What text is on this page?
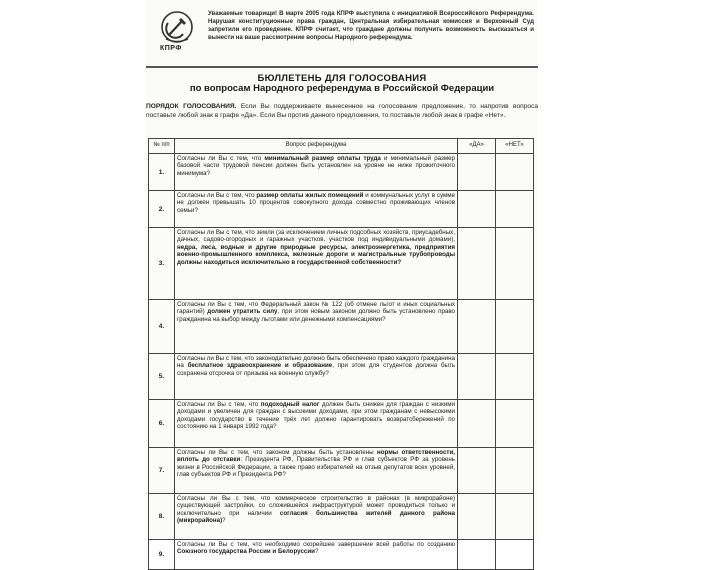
КПРФ
Уважаемые товарищи! В марте 2005 года КПРФ выступила с инициативой Всероссийского Референдума. Нарушая конституционные права граждан, Центральная избирательная комиссия и Верховный Суд запретили его проведение. КПРФ считает, что граждане должны получить возможность высказаться и вынести на ваше рассмотрение вопросы Народного референдума.
БЮЛЛЕТЕНЬ ДЛЯ ГОЛОСОВАНИЯ
по вопросам Народного референдума в Российской Федерации
ПОРЯДОК ГОЛОСОВАНИЯ. Если Вы поддерживаете вынесенное на голосование предложение, то напротив вопроса поставьте любой знак в графе «Да». Если Вы против данного предложения, то поставьте любой знак в графе «Нет».
№ п/п	Вопрос референдума	«ДА»	«НЕТ»
1.	Согласны ли Вы с тем, что минимальный размер оплаты труда и минимальный размер базовой части трудовой пенсии должен быть установлен на уровне не ниже прожиточного минимума?		
2.	Согласны ли Вы с тем, что размер оплаты жилых помещений и коммунальных услуг в сумме не должен превышать 10 процентов совокупного дохода совместно проживающих членов семьи?		
3.	Согласны ли Вы с тем, что земли (за исключением личных подсобных хозяйств, приусадебных, дачных, садово-огородных и гаражных участков, участков под индивидуальными домами), недра, леса, водные и другие природные ресурсы, электроэнергетика, предприятия военно-промышленного комплекса, железные дороги и магистральные трубопроводы должны находиться исключительно в государственной собственности?		
4.	Согласны ли Вы с тем, что Федеральный закон № 122 (об отмене льгот и иных социальных гарантий) должен утратить силу, при этом новым законом должно быть установлено право гражданина на выбор между льготами или денежными компенсациями?		
5.	Согласны ли Вы с тем, что законодательно должно быть обеспечено право каждого гражданина на бесплатное здравоохранение и образование, при этом для студентов должна быть сохранена отсрочка от призыва на военную службу?		
6.	Согласны ли Вы с тем, что подоходный налог должен быть снижен для граждан с низкими доходами и увеличен для граждан с высокими доходами, при этом гражданам с невысокими доходами государство в течение трёх лет должно гарантировать возвратсбережений по состоянию на 1 января 1992 года?		
7.	Согласны ли Вы с тем, что законом должны быть установлены нормы ответственности, вплоть до отставки: Президента РФ, Правительства РФ и глав субъектов РФ за уровень жизни в Российской Федерации, а также право избирателей на отзыв депутатов всех уровней, глав субъектов РФ и Президента РФ?		
8.	Согласны ли Вы с тем, что коммерческое строительство в районах (в микрорайоне) существующей застройки, со сложившейся инфраструктурой может проводиться только и исключительно при наличии согласия большинства жителей данного района (микрорайона)?		
9.	Согласны ли Вы с тем, что необходимо скорейшее завершение всей работы по созданию Союзного государства России и Белоруссии?		
